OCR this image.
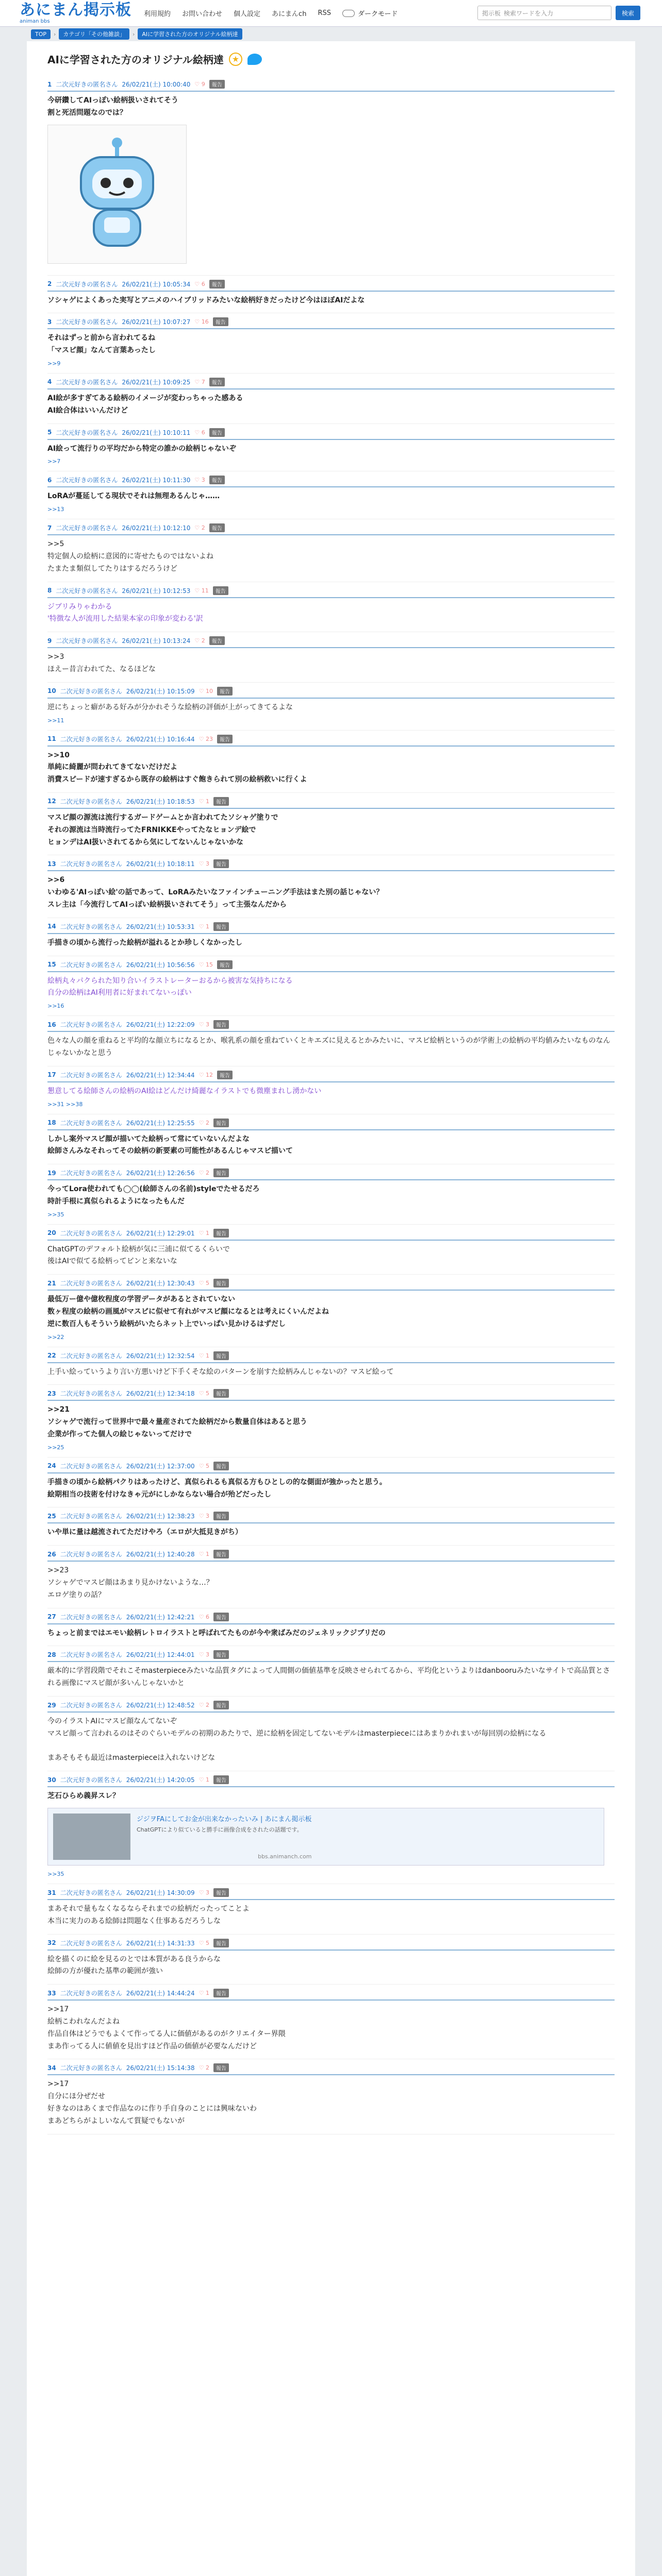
あにまん掲示板
animan bbs
利用規約 お問い合わせ 個人設定 あにまんch RSS	ダークモード	掲示板 検索ワードを入力	検索
TOP	›	カテゴリ「その他雑談」	›	AIに学習された方のオリジナル絵柄達
AIに学習された方のオリジナル絵柄達 ★
1 二次元好きの匿名さん 26/02/21(土) 10:00:40 ♡ 9	報告
今研鑽してAIっぽい絵柄扱いされてそう
割と死活問題なのでは？
2 二次元好きの匿名さん 26/02/21(土) 10:05:34 ♡ 6	報告
ソシャゲによくあった実写とアニメのハイブリッドみたいな絵柄好きだったけど今はほぼAIだよな
3 二次元好きの匿名さん 26/02/21(土) 10:07:27 ♡ 16	報告
それはずっと前から言われてるね
「マスピ顔」なんて言葉あったし
>>9
4 二次元好きの匿名さん 26/02/21(土) 10:09:25 ♡ 7	報告
AI絵が多すぎてある絵柄のイメージが変わっちゃった感ある
AI絵合体はいいんだけど
5 二次元好きの匿名さん 26/02/21(土) 10:10:11 ♡ 6	報告
AI絵って流行りの平均だから特定の誰かの絵柄じゃないぞ
>>7
6 二次元好きの匿名さん 26/02/21(土) 10:11:30 ♡ 3	報告
LoRAが蔓延してる現状でそれは無理あるんじゃ……
>>13
7 二次元好きの匿名さん 26/02/21(土) 10:12:10 ♡ 2	報告
>>5
特定個人の絵柄に意図的に寄せたものではないよね
たまたま類似してたりはするだろうけど
8 二次元好きの匿名さん 26/02/21(土) 10:12:53 ♡ 11	報告
ジブリみりゃわかる
'特徴な人が流用した結果本家の印象が変わる'訳
9 二次元好きの匿名さん 26/02/21(土) 10:13:24 ♡ 2	報告
>>3
ほえー昔言われてた、なるほどな
10 二次元好きの匿名さん 26/02/21(土) 10:15:09 ♡ 10	報告
逆にちょっと癖がある好みが分かれそうな絵柄の評価が上がってきてるよな
>>11
11 二次元好きの匿名さん 26/02/21(土) 10:16:44 ♡ 23	報告
>>10
単純に綺麗が問われてきてないだけだよ
消費スピードが速すぎるから既存の絵柄はすぐ飽きられて別の絵柄救いに行くよ
12 二次元好きの匿名さん 26/02/21(土) 10:18:53 ♡ 1	報告
マスピ顔の源流は流行するガードゲームとか言われてたソシャゲ塗りで
それの源流は当時流行ってたFRNIKKEやってたなヒョンデ絵で
ヒョンデはAI扱いされてるから気にしてないんじゃないかな
13 二次元好きの匿名さん 26/02/21(土) 10:18:11 ♡ 3	報告
>>6
いわゆる'AIっぽい絵'の話であって、LoRAみたいなファインチューニング手法はまた別の話じゃない？
スレ主は「今流行してAIっぽい絵柄扱いされてそう」って主張なんだから
14 二次元好きの匿名さん 26/02/21(土) 10:53:31 ♡ 1	報告
手描きの頃から流行った絵柄が溢れるとか珍しくなかったし
15 二次元好きの匿名さん 26/02/21(土) 10:56:56 ♡ 15	報告
絵柄丸々パクられた知り合いイラストレーターおるから被害な気持ちになる
自分の絵柄はAI利用者に好まれてないっぽい
>>16
16 二次元好きの匿名さん 26/02/21(土) 12:22:09 ♡ 3	報告
色々な人の顔を重ねると平均的な顔立ちになるとか、喉乳系の顔を重ねていくとキエズに見えるとかみたいに、マスピ絵柄というのが学術上の絵柄の平均値みたいなものなんじゃないかなと思う
17 二次元好きの匿名さん 26/02/21(土) 12:34:44 ♡ 12	報告
懇意してる絵師さんの絵柄のAI絵はどんだけ綺麗なイラストでも微塵まれし湧かない
>>31 >>38
18 二次元好きの匿名さん 26/02/21(土) 12:25:55 ♡ 2	報告
しかし案外マスピ顔が描いてた絵柄って常にていないんだよな
絵師さんみなそれってその絵柄の新要素の可能性があるんじゃマスピ描いて
19 二次元好きの匿名さん 26/02/21(土) 12:26:56 ♡ 2	報告
今ってLora使われても◯◯(絵師さんの名前)styleでたせるだろ
時計手根に真似られるようになったもんだ
>>35
20 二次元好きの匿名さん 26/02/21(土) 12:29:01 ♡ 1	報告
ChatGPTのデフォルト絵柄が気に三浦に似てるくらいで
後はAIで似てる絵柄ってピンと来ないな
21 二次元好きの匿名さん 26/02/21(土) 12:30:43 ♡ 5	報告
最低万ー億や億枚程度の学習データがあるとされていない
数ヶ程度の絵柄の画風がマスピに似せて有れがマスピ顔になるとは考えにくいんだよね
逆に数百人もそういう絵柄がいたらネット上でいっぱい見かけるはずだし
>>22
22 二次元好きの匿名さん 26/02/21(土) 12:32:54 ♡ 1	報告
上手い絵っていうより言い方悪いけど下手くそな絵のパターンを崩すた絵柄みんじゃないの？マスピ絵って
23 二次元好きの匿名さん 26/02/21(土) 12:34:18 ♡ 5	報告
>>21
ソシャゲで流行って世界中で最々量産されてた絵柄だから数量自体はあると思う
企業が作ってた個人の絵じゃないってだけで
>>25
24 二次元好きの匿名さん 26/02/21(土) 12:37:00 ♡ 5	報告
手描きの頃から絵柄パクりはあったけど、真似られるも真似る方もひとしの的な側面が強かったと思う。
絵期相当の技術を付けなきゃ元がにしかならない場合が殆どだったし
25 二次元好きの匿名さん 26/02/21(土) 12:38:23 ♡ 3	報告
いや単に量は越流されてただけやろ（エロが大抵見きがち）
26 二次元好きの匿名さん 26/02/21(土) 12:40:28 ♡ 1	報告
>>23
ソシャゲでマスピ顔はあまり見かけないような…？
エロゲ塗りの話？
27 二次元好きの匿名さん 26/02/21(土) 12:42:21 ♡ 6	報告
ちょっと前まではエモい絵柄レトロイラストと呼ばれてたものが今や衆ばみだのジェネリックジブリだの
28 二次元好きの匿名さん 26/02/21(土) 12:44:01 ♡ 3	報告
厳本的に学習段階でそれこそmasterpieceみたいな品質タグによって人間側の価値基準を反映させられてるから、平均化というよりはdanbooruみたいなサイトで高品質とされる画像にマスピ顔が多いんじゃないかと
29 二次元好きの匿名さん 26/02/21(土) 12:48:52 ♡ 2	報告
今のイラストAIにマスピ顔なんてないぞ
マスピ顔って言われるのはそのぐらいモデルの初期のあたりで、逆に絵柄を固定してないモデルはmasterpieceにはあまりかれまいが毎回別の絵柄になる

まあそもそも最近はmasterpieceは入れないけどな
30 二次元好きの匿名さん 26/02/21(土) 14:20:05 ♡ 1	報告
芝石ひらめ義昇スレ？
ジジヲFAにしてお金が出来なかったいみ | あにまん掲示板
ChatGPTにより似ていると勝手に画像合成をされたの話題です。
bbs.animanch.com
>>35
31 二次元好きの匿名さん 26/02/21(土) 14:30:09 ♡ 3	報告
まあそれで量もなくなるならそれまでの絵柄だったってことよ
本当に実力のある絵師は問題なく仕事あるだろうしな
32 二次元好きの匿名さん 26/02/21(土) 14:31:33 ♡ 5	報告
絵を描くのに絵を見るのとでは本質がある良うからな
絵師の方が優れた基準の範囲が強い
33 二次元好きの匿名さん 26/02/21(土) 14:44:24 ♡ 1	報告
>>17
絵柄こわれなんだよね
作品自体はどうでもよくて作ってる人に価値があるのがクリエイター界隈
まあ作ってる人に値値を見出すほど作品の価値が必要なんだけど
34 二次元好きの匿名さん 26/02/21(土) 15:14:38 ♡ 2	報告
>>17
自分にほ分ぜだせ
好きなのはあくまで作品なのに作り手自身のことには興味ないわ
まあどちらがよしいなんて質疑でもないが
